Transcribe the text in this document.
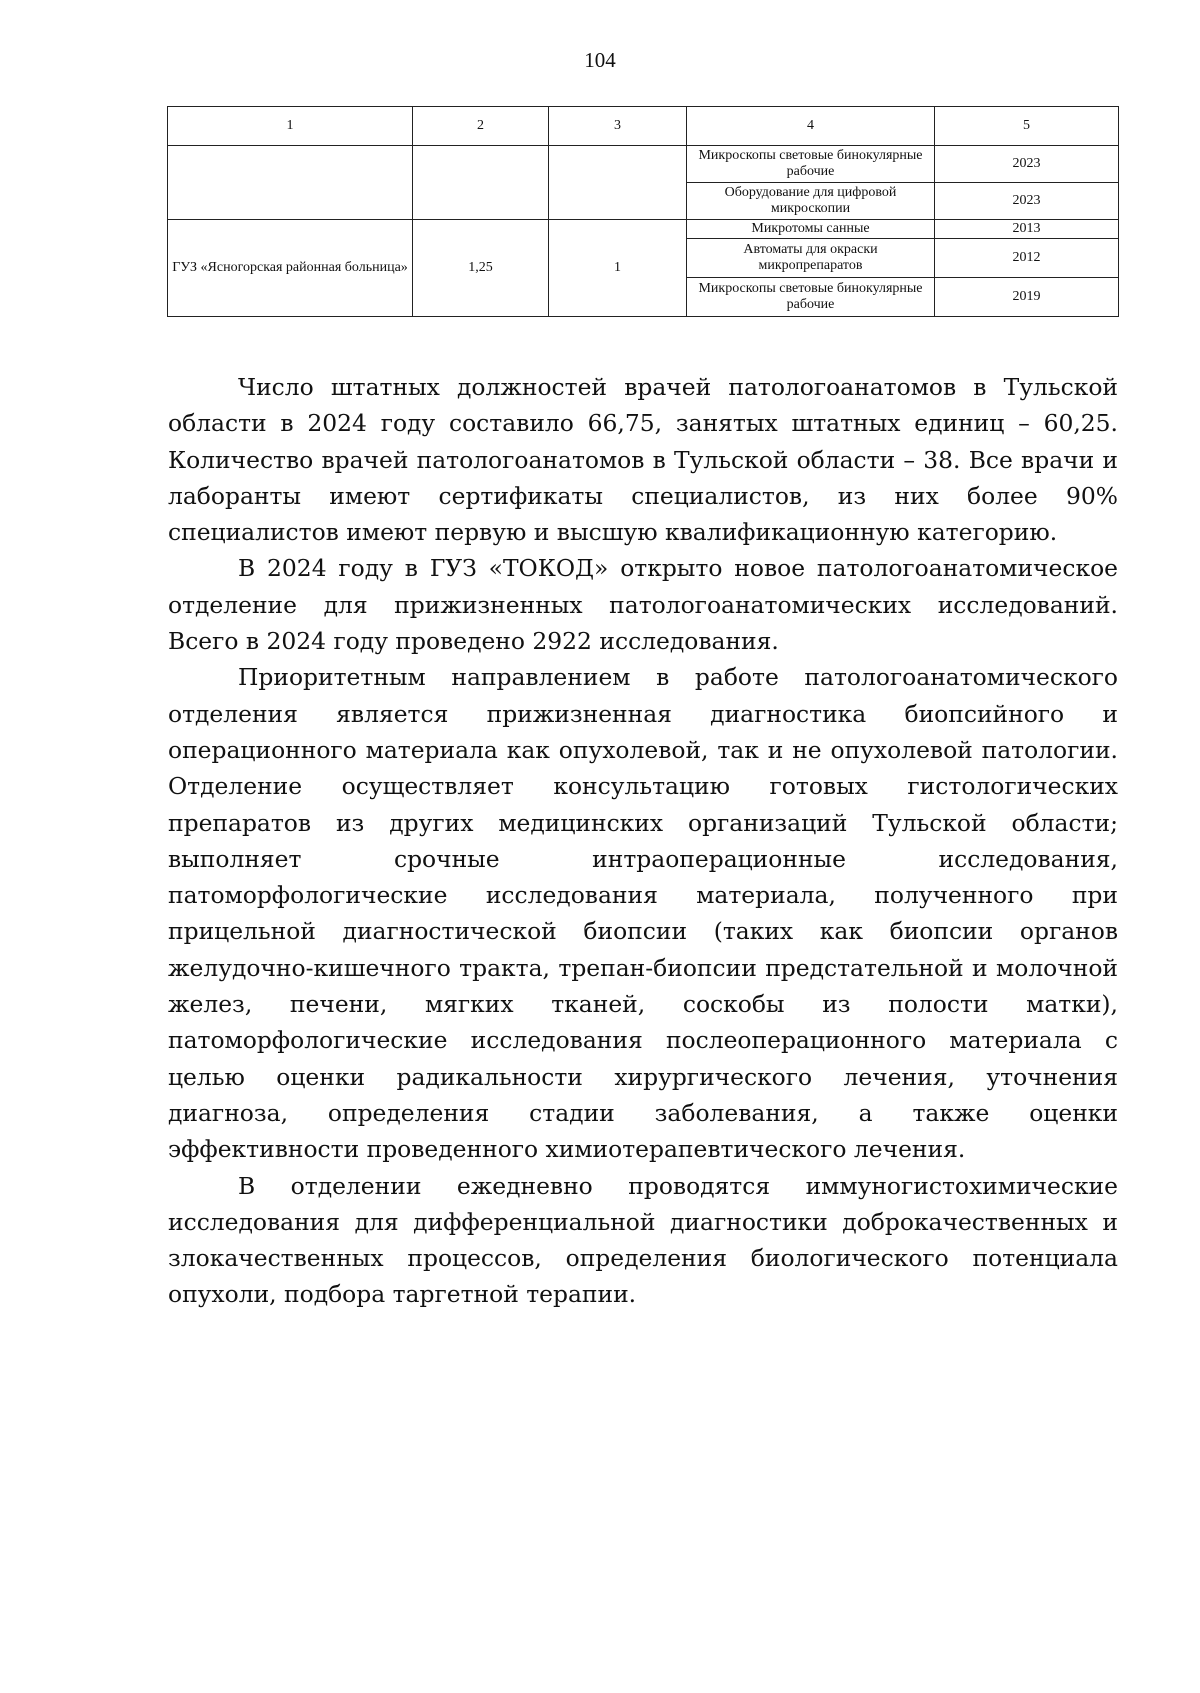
104
1	2	3	4	5
			Микроскопы световые бинокулярные рабочие	2023
			Оборудование для цифровой микроскопии	2023
ГУЗ «Ясногорская районная больница»	1,25	1	Микротомы санные	2013
			Автоматы для окраски микропрепаратов	2012
			Микроскопы световые бинокулярные рабочие	2019

Число штатных должностей врачей патологоанатомов в Тульской области в 2024 году составило 66,75, занятых штатных единиц – 60,25. Количество врачей патологоанатомов в Тульской области – 38. Все врачи и лаборанты имеют сертификаты специалистов, из них более 90% специалистов имеют первую и высшую квалификационную категорию.

В 2024 году в ГУЗ «ТОКОД» открыто новое патологоанатомическое отделение для прижизненных патологоанатомических исследований. Всего в 2024 году проведено 2922 исследования.

Приоритетным направлением в работе патологоанатомического отделения является прижизненная диагностика биопсийного и операционного материала как опухолевой, так и не опухолевой патологии. Отделение осуществляет консультацию готовых гистологических препаратов из других медицинских организаций Тульской области; выполняет срочные интраоперационные исследования, патоморфологические исследования материала, полученного при прицельной диагностической биопсии (таких как биопсии органов желудочно-кишечного тракта, трепан-биопсии предстательной и молочной желез, печени, мягких тканей, соскобы из полости матки), патоморфологические исследования послеоперационного материала с целью оценки радикальности хирургического лечения, уточнения диагноза, определения стадии заболевания, а также оценки эффективности проведенного химиотерапевтического лечения.

В отделении ежедневно проводятся иммуногистохимические исследования для дифференциальной диагностики доброкачественных и злокачественных процессов, определения биологического потенциала опухоли, подбора таргетной терапии.
